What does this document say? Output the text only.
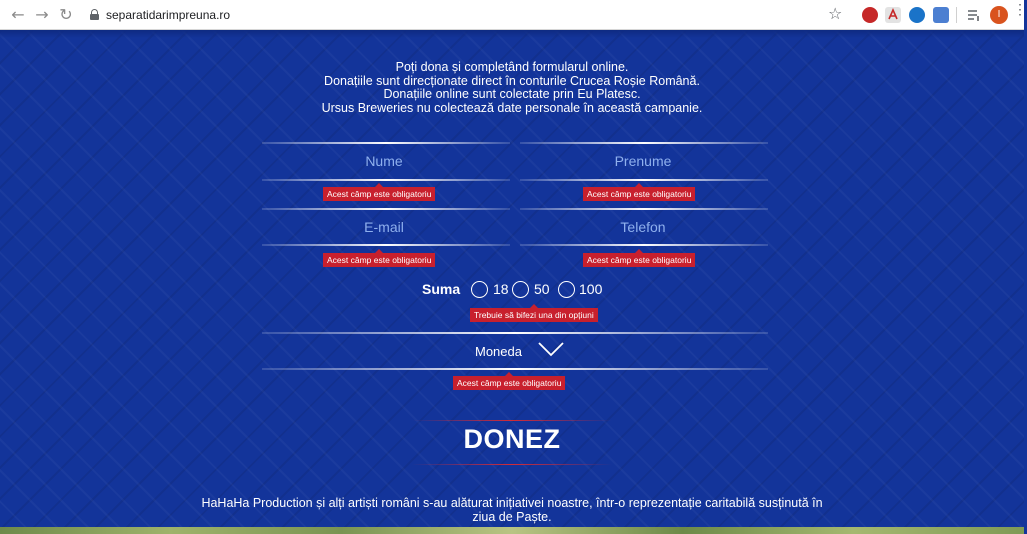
← → ↻	separatidarimpreuna.ro	☆	I ⋮

Poți dona și completând formularul online.

Donațiile sunt direcționate direct în conturile Crucea Roșie Română.

Donațiile online sunt colectate prin Eu Platesc.

Ursus Breweries nu colectează date personale în această campanie.

Nume	Prenume
Acest câmp este obligatoriu	Acest câmp este obligatoriu
E-mail	Telefon
Acest câmp este obligatoriu	Acest câmp este obligatoriu
Suma 18 50 100
Trebuie să bifezi una din opțiuni
Moneda
Acest câmp este obligatoriu
DONEZ
HaHaHa Production și alți artiști români s-au alăturat inițiativei noastre, într-o reprezentație caritabilă susținută în ziua de Paște.
